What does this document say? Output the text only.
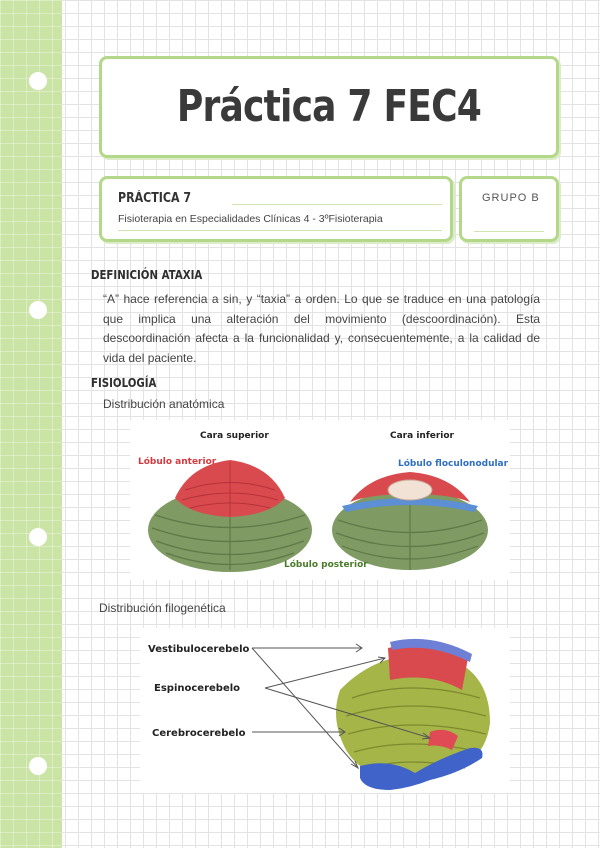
Práctica 7 FEC4
PRÁCTICA 7
Fisioterapia en Especialidades Clínicas 4 - 3ºFisioterapia
GRUPO B
DEFINICIÓN ATAXIA

“A” hace referencia a sin, y “taxia” a orden. Lo que se traduce en una patología que implica una alteración del movimiento (descoordinación). Esta descoordinación afecta a la funcionalidad y, consecuentemente, a la calidad de vida del paciente.

FISIOLOGÍA
Distribución anatómica
Cara superior	Cara inferior
Lóbulo anterior	Lóbulo floculonodular
Lóbulo posterior
Distribución filogenética
Vestibulocerebelo
Espinocerebelo
Cerebrocerebelo
